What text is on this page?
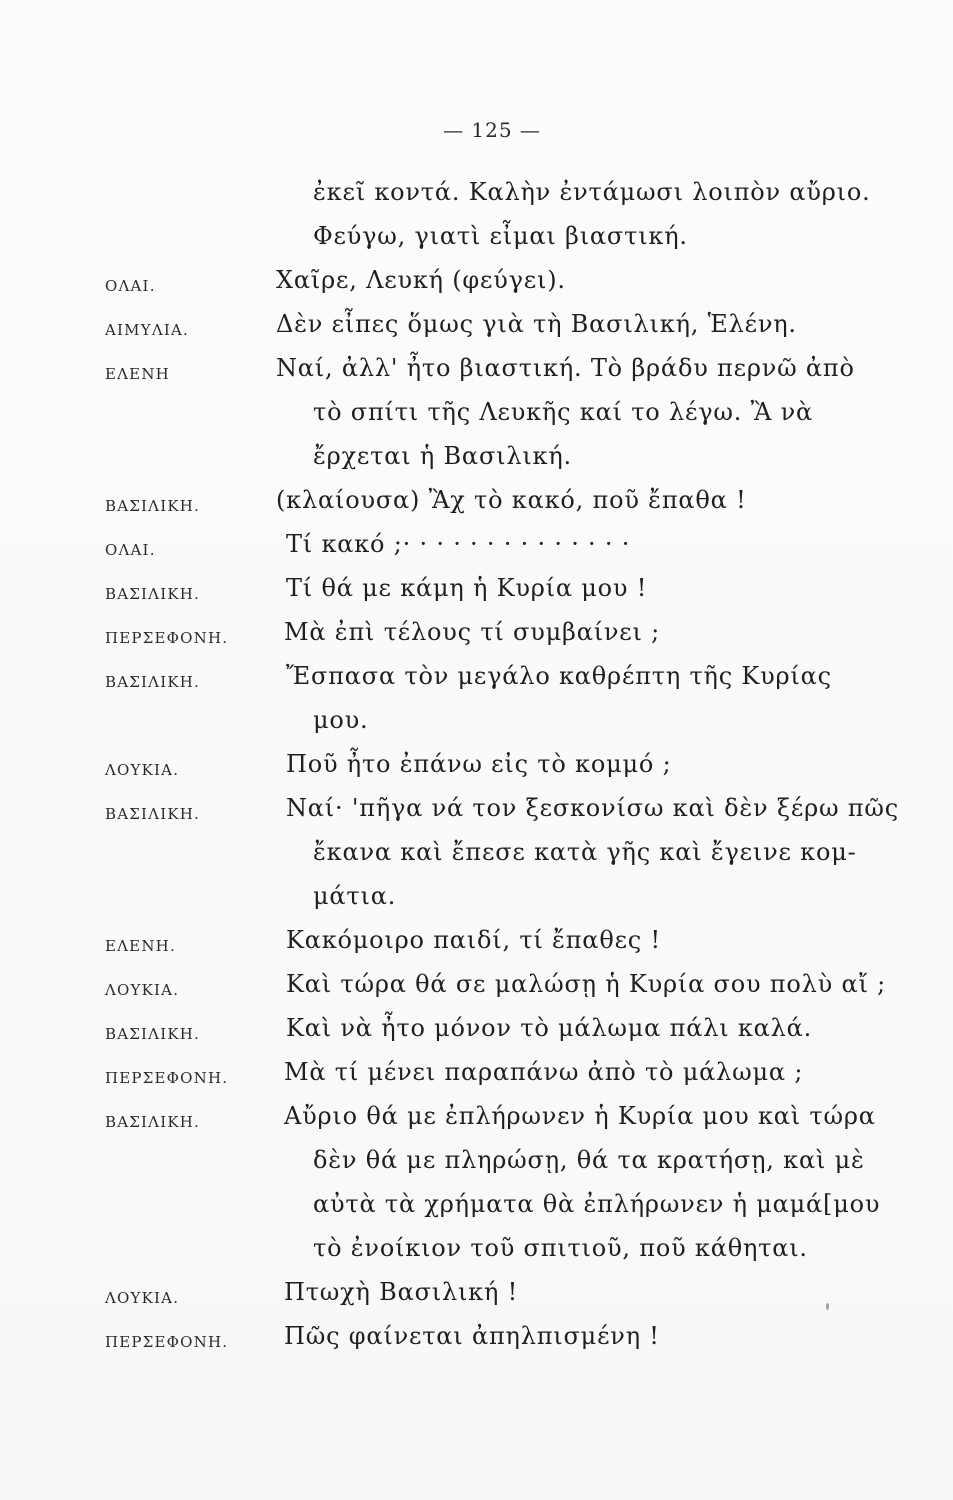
— 125 —
ἐκεῖ κοντά. Καλὴν ἐντάμωσι λοιπὸν αὔριο.
Φεύγω, γιατὶ εἶμαι βιαστική.
ΟΛΑΙ.	Χαῖρε, Λευκή (φεύγει).
ΑΙΜΥΛΙΑ.	Δὲν εἶπες ὅμως γιὰ τὴ Βασιλική, Ἑλένη.
ΕΛΕΝΗ	Ναί, ἀλλ' ἦτο βιαστική. Τὸ βράδυ περνῶ ἀπὸ
τὸ σπίτι τῆς Λευκῆς καί το λέγω. Ἂ νὰ
ἔρχεται ἡ Βασιλική.
ΒΑΣΙΛΙΚΗ.	(κλαίουσα) Ἂχ τὸ κακό, ποῦ ἔπαθα !
ΟΛΑΙ.	Τί κακό ;· · · · · · · · · · · · · ·
ΒΑΣΙΛΙΚΗ.	Τί θά με κάμη ἡ Κυρία μου !
ΠΕΡΣΕΦΟΝΗ. Μὰ ἐπὶ τέλους τί συμβαίνει ;
ΒΑΣΙΛΙΚΗ.	Ἔσπασα τὸν μεγάλο καθρέπτη τῆς Κυρίας
μου.
ΛΟΥΚΙΑ.	Ποῦ ἦτο ἐπάνω εἰς τὸ κομμό ;
ΒΑΣΙΛΙΚΗ.	Ναί· 'πῆγα νά τον ξεσκονίσω καὶ δὲν ξέρω πῶς
ἔκανα καὶ ἔπεσε κατὰ γῆς καὶ ἔγεινε κομ-
μάτια.
ΕΛΕΝΗ.	Κακόμοιρο παιδί, τί ἔπαθες !
ΛΟΥΚΙΑ.	Καὶ τώρα θά σε μαλώσῃ ἡ Κυρία σου πολὺ αἴ ;
ΒΑΣΙΛΙΚΗ.	Καὶ νὰ ἦτο μόνον τὸ μάλωμα πάλι καλά.
ΠΕΡΣΕΦΟΝΗ. Μὰ τί μένει παραπάνω ἀπὸ τὸ μάλωμα ;
ΒΑΣΙΛΙΚΗ.	Αὔριο θά με ἐπλήρωνεν ἡ Κυρία μου καὶ τώρα
δὲν θά με πληρώσῃ, θά τα κρατήσῃ, καὶ μὲ
αὐτὰ τὰ χρήματα θὰ ἐπλήρωνεν ἡ μαμά[μου
τὸ ἐνοίκιον τοῦ σπιτιοῦ, ποῦ κάθηται.
ΛΟΥΚΙΑ.	Πτωχὴ Βασιλική !
ΠΕΡΣΕΦΟΝΗ. Πῶς φαίνεται ἀπηλπισμένη !
